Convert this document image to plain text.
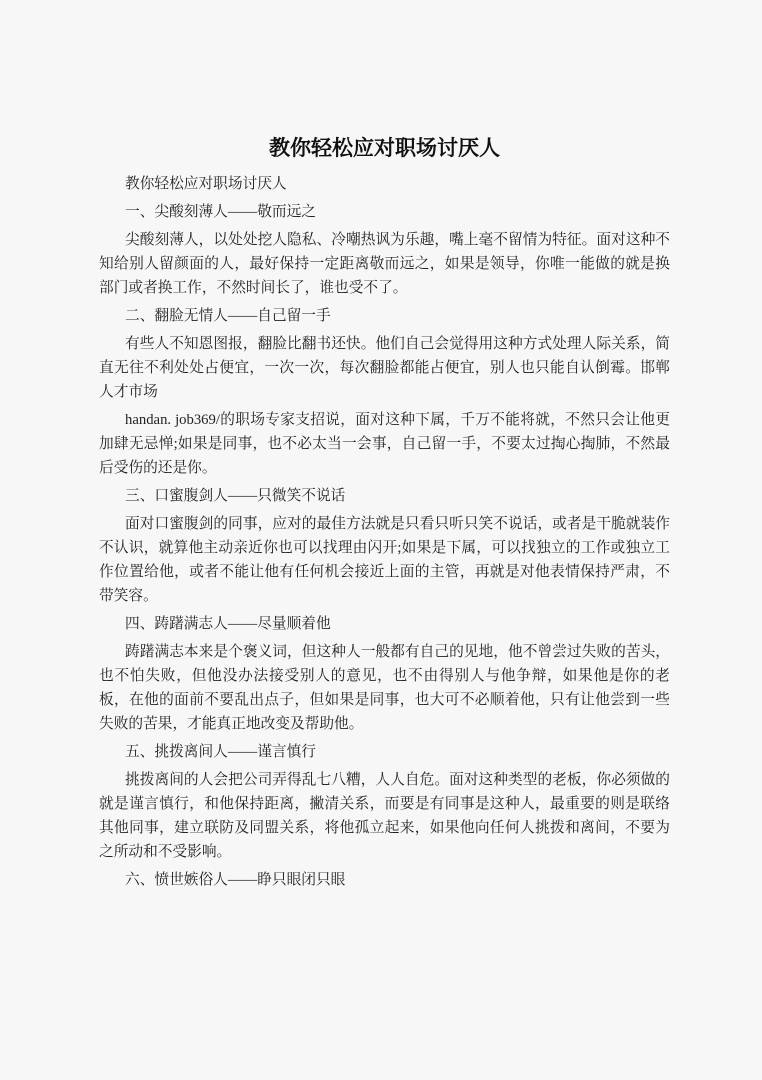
教你轻松应对职场讨厌人

教你轻松应对职场讨厌人

一、尖酸刻薄人——敬而远之

尖酸刻薄人，以处处挖人隐私、冷嘲热讽为乐趣，嘴上毫不留情为特征。面对这种不知给别人留颜面的人，最好保持一定距离敬而远之，如果是领导，你唯一能做的就是换部门或者换工作，不然时间长了，谁也受不了。

二、翻脸无情人——自己留一手

有些人不知恩图报，翻脸比翻书还快。他们自己会觉得用这种方式处理人际关系，简直无往不利处处占便宜，一次一次，每次翻脸都能占便宜，别人也只能自认倒霉。邯郸人才市场

handan. job369/的职场专家支招说，面对这种下属，千万不能将就，不然只会让他更加肆无忌惮;如果是同事，也不必太当一会事，自己留一手，不要太过掏心掏肺，不然最后受伤的还是你。

三、口蜜腹剑人——只微笑不说话

面对口蜜腹剑的同事，应对的最佳方法就是只看只听只笑不说话，或者是干脆就装作不认识，就算他主动亲近你也可以找理由闪开;如果是下属，可以找独立的工作或独立工作位置给他，或者不能让他有任何机会接近上面的主管，再就是对他表情保持严肃，不带笑容。

四、踌躇满志人——尽量顺着他

踌躇满志本来是个褒义词，但这种人一般都有自己的见地，他不曾尝过失败的苦头，也不怕失败，但他没办法接受别人的意见，也不由得别人与他争辩，如果他是你的老板，在他的面前不要乱出点子，但如果是同事，也大可不必顺着他，只有让他尝到一些失败的苦果，才能真正地改变及帮助他。

五、挑拨离间人——谨言慎行

挑拨离间的人会把公司弄得乱七八糟，人人自危。面对这种类型的老板，你必须做的就是谨言慎行，和他保持距离，撇清关系，而要是有同事是这种人，最重要的则是联络其他同事，建立联防及同盟关系，将他孤立起来，如果他向任何人挑拨和离间，不要为之所动和不受影响。

六、愤世嫉俗人——睁只眼闭只眼
